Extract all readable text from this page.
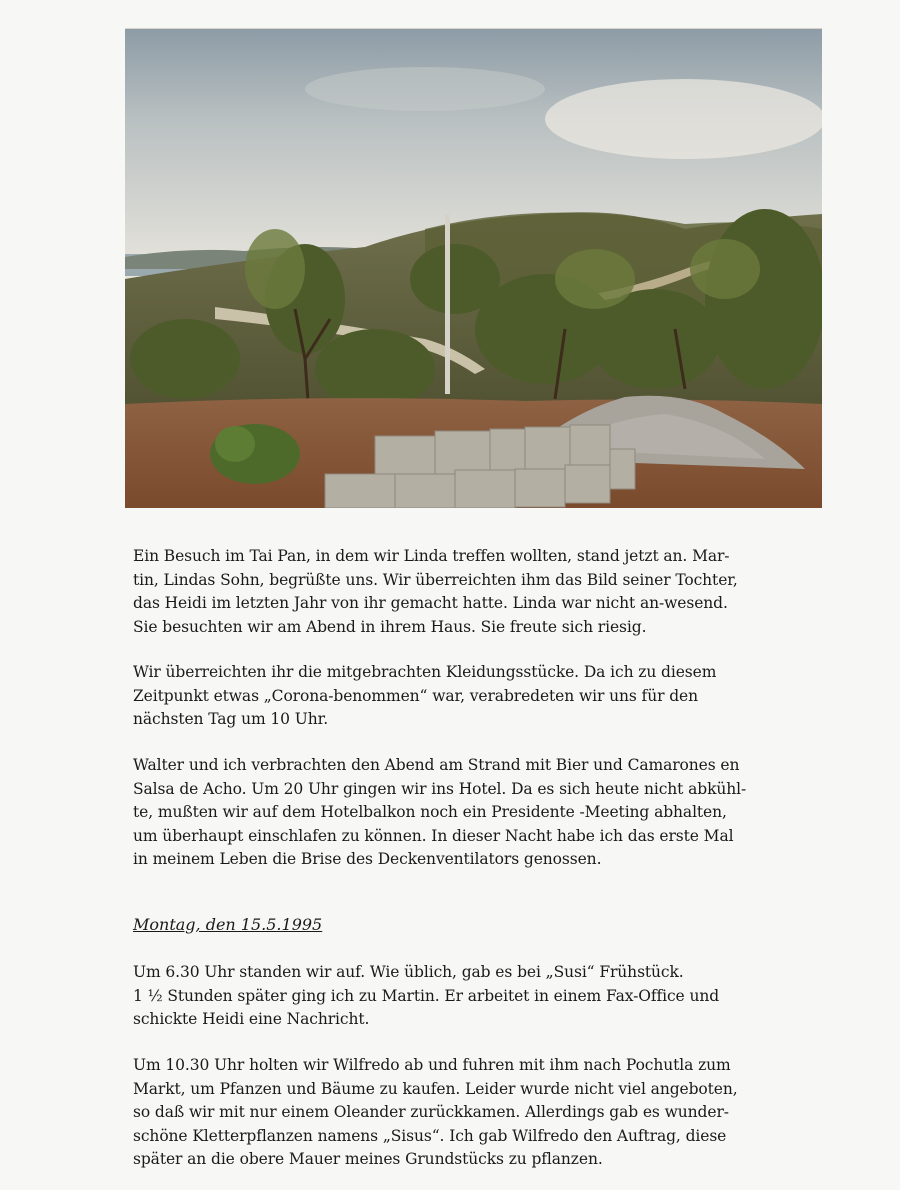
Ein Besuch im Tai Pan, in dem wir Linda treffen wollten, stand jetzt an. Mar-
tin, Lindas Sohn, begrüßte uns. Wir überreichten ihm das Bild seiner Tochter,
das Heidi im letzten Jahr von ihr gemacht hatte. Linda war nicht an-wesend.
Sie besuchten wir am Abend in ihrem Haus. Sie freute sich riesig.
Wir überreichten ihr die mitgebrachten Kleidungsstücke. Da ich zu diesem
Zeitpunkt etwas „Corona-benommen“ war, verabredeten wir uns für den
nächsten Tag um 10 Uhr.
Walter und ich verbrachten den Abend am Strand mit Bier und Camarones en
Salsa de Acho. Um 20 Uhr gingen wir ins Hotel. Da es sich heute nicht abkühl-
te, mußten wir auf dem Hotelbalkon noch ein Presidente -Meeting abhalten,
um überhaupt einschlafen zu können. In dieser Nacht habe ich das erste Mal
in meinem Leben die Brise des Deckenventilators genossen.
Montag, den 15.5.1995
Um 6.30 Uhr standen wir auf. Wie üblich, gab es bei „Susi“ Frühstück.
1 ½ Stunden später ging ich zu Martin. Er arbeitet in einem Fax-Office und
schickte Heidi eine Nachricht.
Um 10.30 Uhr holten wir Wilfredo ab und fuhren mit ihm nach Pochutla zum
Markt, um Pfanzen und Bäume zu kaufen. Leider wurde nicht viel angeboten,
so daß wir mit nur einem Oleander zurückkamen. Allerdings gab es wunder-
schöne Kletterpflanzen namens „Sisus“. Ich gab Wilfredo den Auftrag, diese
später an die obere Mauer meines Grundstücks zu pflanzen.
